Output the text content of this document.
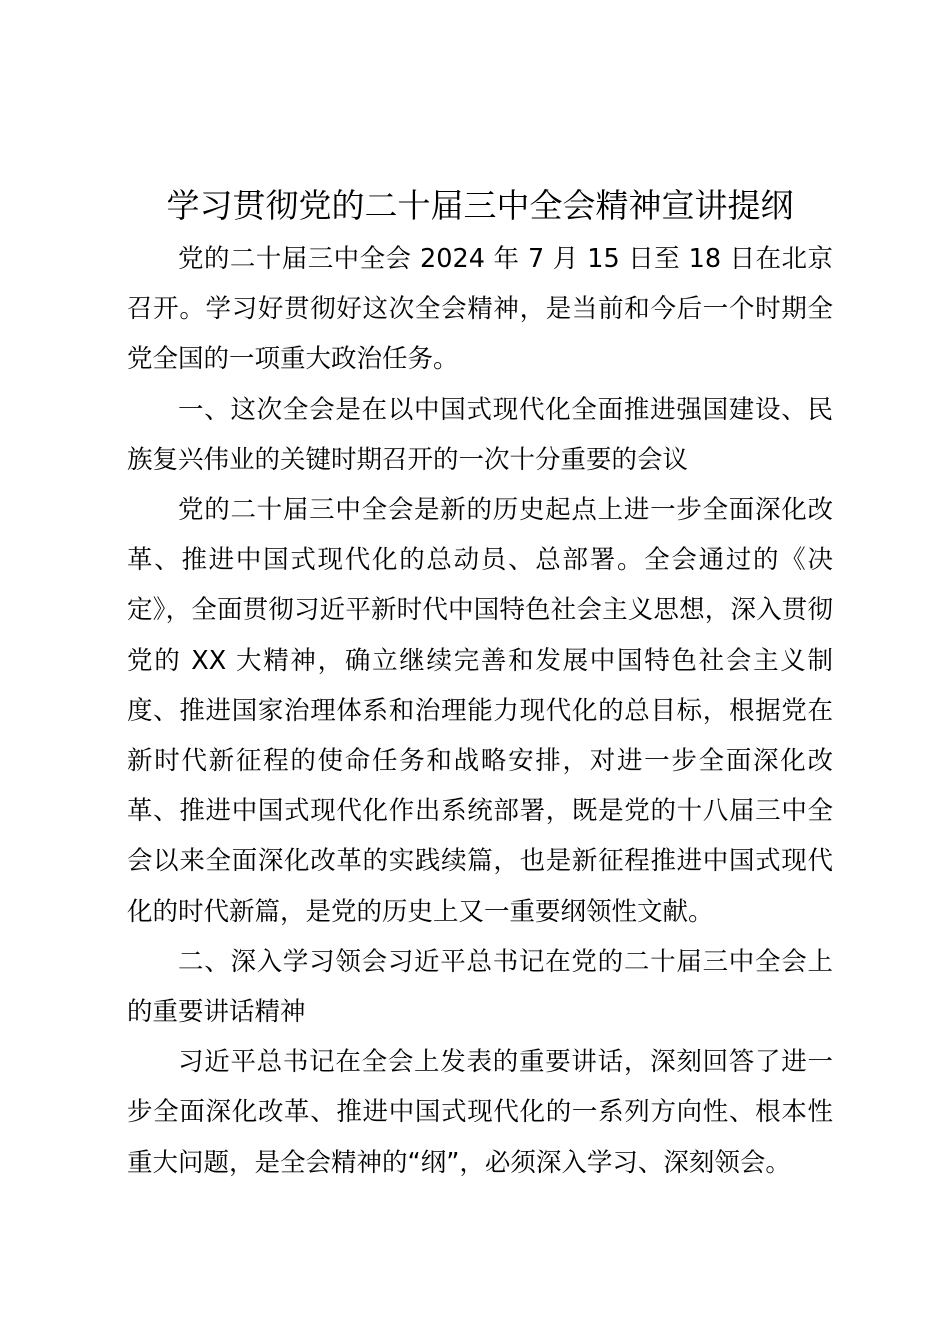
学习贯彻党的二十届三中全会精神宣讲提纲

党的二十届三中全会 2024 年 7 月 15 日至 18 日在北京召开。学习好贯彻好这次全会精神，是当前和今后一个时期全党全国的一项重大政治任务。

一、这次全会是在以中国式现代化全面推进强国建设、民族复兴伟业的关键时期召开的一次十分重要的会议

党的二十届三中全会是新的历史起点上进一步全面深化改革、推进中国式现代化的总动员、总部署。全会通过的《决定》，全面贯彻习近平新时代中国特色社会主义思想，深入贯彻党的 XX 大精神，确立继续完善和发展中国特色社会主义制度、推进国家治理体系和治理能力现代化的总目标，根据党在新时代新征程的使命任务和战略安排，对进一步全面深化改革、推进中国式现代化作出系统部署，既是党的十八届三中全会以来全面深化改革的实践续篇，也是新征程推进中国式现代化的时代新篇，是党的历史上又一重要纲领性文献。

二、深入学习领会习近平总书记在党的二十届三中全会上的重要讲话精神

习近平总书记在全会上发表的重要讲话，深刻回答了进一步全面深化改革、推进中国式现代化的一系列方向性、根本性重大问题，是全会精神的“纲”，必须深入学习、深刻领会。
